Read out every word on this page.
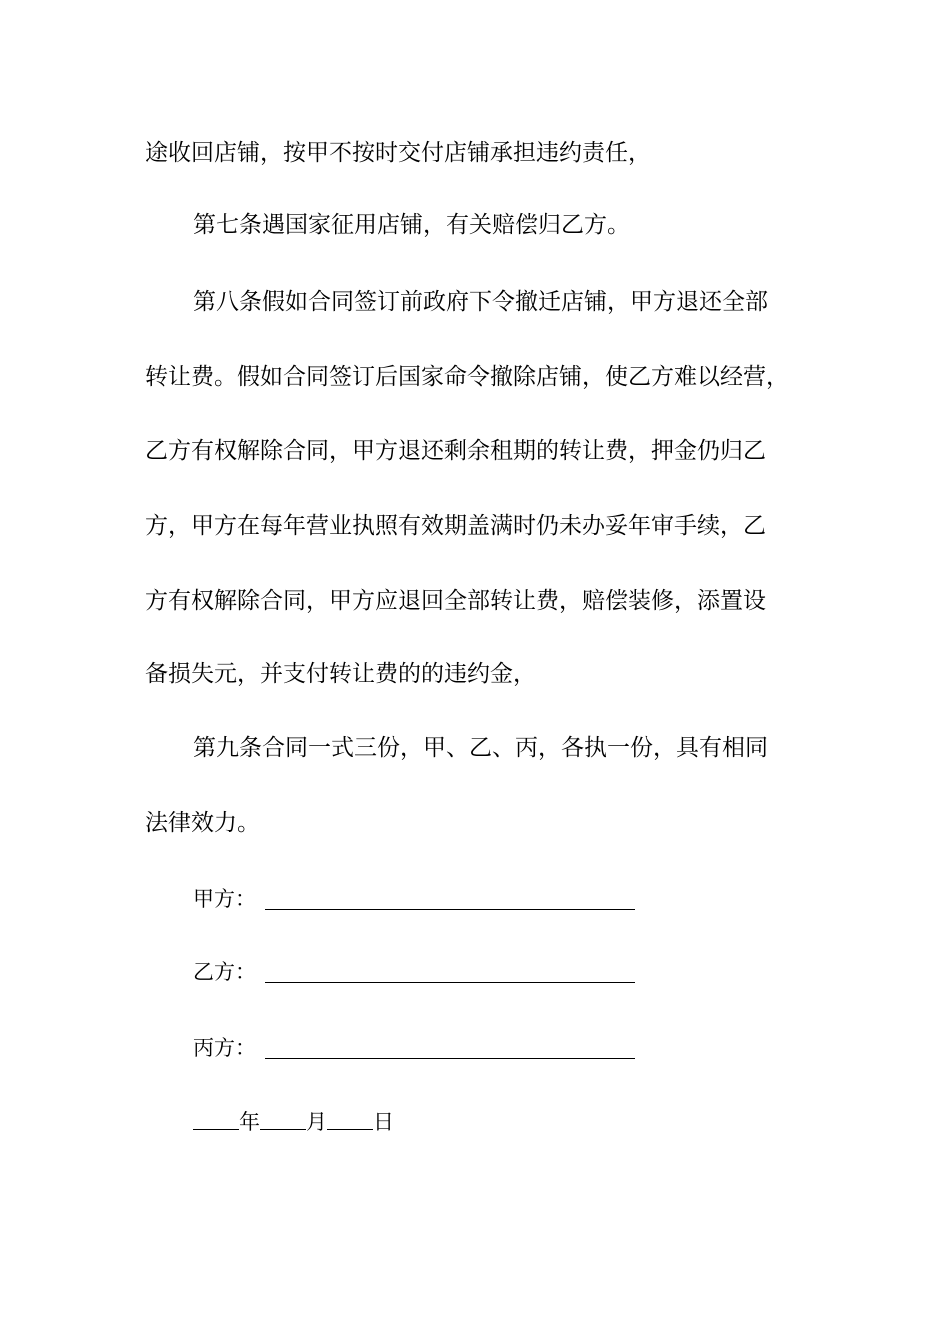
途收回店铺，按甲不按时交付店铺承担违约责任，
第七条遇国家征用店铺，有关赔偿归乙方。
第八条假如合同签订前政府下令撤迁店铺，甲方退还全部
转让费。假如合同签订后国家命令撤除店铺，使乙方难以经营，
乙方有权解除合同，甲方退还剩余租期的转让费，押金仍归乙
方，甲方在每年营业执照有效期盖满时仍未办妥年审手续，乙
方有权解除合同，甲方应退回全部转让费，赔偿装修，添置设
备损失元，并支付转让费的的违约金，
第九条合同一式三份，甲、乙、丙，各执一份，具有相同
法律效力。
甲方：
乙方：
丙方：
年 月 日
